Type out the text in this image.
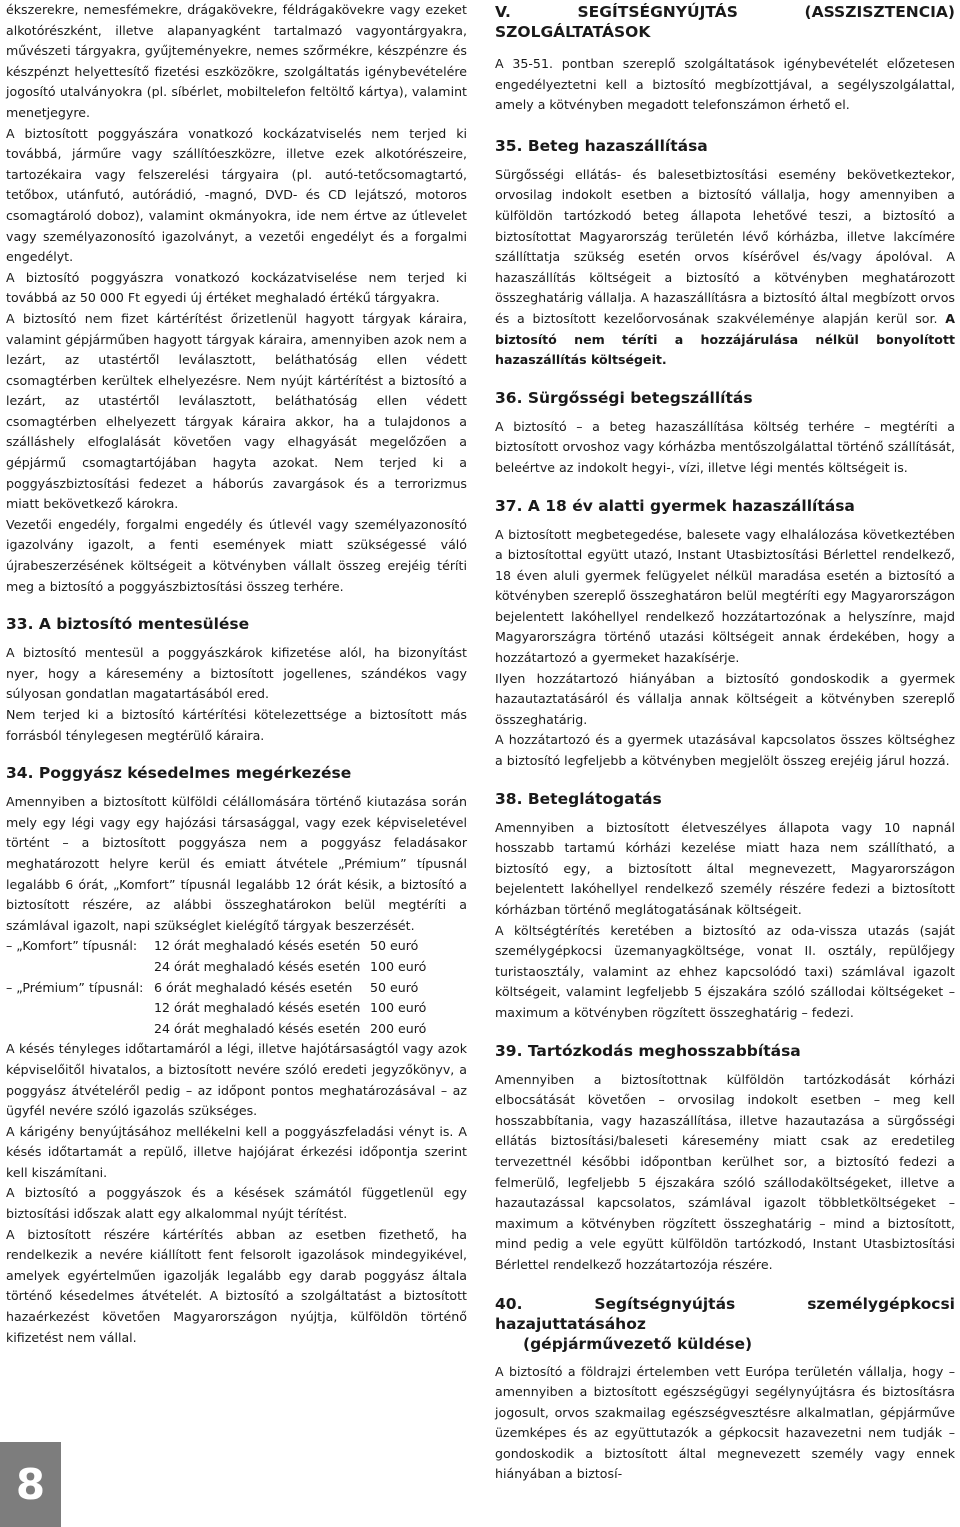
ékszerekre, nemesfémekre, drágakövekre, féldrágakövekre vagy ezeket alkotórészként, illetve alapanyagként tartalmazó vagyontárgyakra, művészeti tárgyakra, gyűjteményekre, nemes szőrmékre, készpénzre és készpénzt helyettesítő fizetési eszközökre, szolgáltatás igénybevételére jogosító utalványokra (pl. síbérlet, mobiltelefon feltöltő kártya), valamint menetjegyre.

A biztosított poggyászára vonatkozó kockázatviselés nem terjed ki továbbá, járműre vagy szállítóeszközre, illetve ezek alkotórészeire, tartozékaira vagy felszerelési tárgyaira (pl. autó-tetőcsomagtartó, tetőbox, utánfutó, autórádió, -magnó, DVD- és CD lejátszó, motoros csomagtároló doboz), valamint okmányokra, ide nem értve az útlevelet vagy személyazonosító igazolványt, a vezetői engedélyt és a forgalmi engedélyt.

A biztosító poggyászra vonatkozó kockázatviselése nem terjed ki továbbá az 50 000 Ft egyedi új értéket meghaladó értékű tárgyakra.

A biztosító nem fizet kártérítést őrizetlenül hagyott tárgyak káraira, valamint gépjárműben hagyott tárgyak káraira, amennyiben azok nem a lezárt, az utastértől leválasztott, beláthatóság ellen védett csomagtérben kerültek elhelyezésre. Nem nyújt kártérítést a biztosító a lezárt, az utastértől leválasztott, beláthatóság ellen védett csomagtérben elhelyezett tárgyak káraira akkor, ha a tulajdonos a szálláshely elfoglalását követően vagy elhagyását megelőzően a gépjármű csomagtartójában hagyta azokat. Nem terjed ki a poggyászbiztosítási fedezet a háborús zavargások és a terrorizmus miatt bekövetkező károkra.

Vezetői engedély, forgalmi engedély és útlevél vagy személyazonosító igazolvány igazolt, a fenti események miatt szükségessé váló újrabeszerzésének költségeit a kötvényben vállalt összeg erejéig téríti meg a biztosító a poggyászbiztosítási összeg terhére.

33. A biztosító mentesülése

A biztosító mentesül a poggyászkárok kifizetése alól, ha bizonyítást nyer, hogy a káresemény a biztosított jogellenes, szándékos vagy súlyosan gondatlan magatartásából ered.

Nem terjed ki a biztosító kártérítési kötelezettsége a biztosított más forrásból ténylegesen megtérülő káraira.

34. Poggyász késedelmes megérkezése

Amennyiben a biztosított külföldi célállomására történő kiutazása során mely egy légi vagy egy hajózási társasággal, vagy ezek képviseletével történt – a biztosított poggyásza nem a poggyász feladásakor meghatározott helyre kerül és emiatt átvétele „Prémium” típusnál legalább 6 órát, „Komfort” típusnál legalább 12 órát késik, a biztosító a biztosított részére, az alábbi összeghatárokon belül megtéríti a számlával igazolt, napi szükséglet kielégítő tárgyak beszerzését.

– „Komfort” típusnál:	12 órát meghaladó késés esetén 50 euró
24 órát meghaladó késés esetén 100 euró
– „Prémium” típusnál: 6 órát meghaladó késés esetén	50 euró
12 órát meghaladó késés esetén 100 euró
24 órát meghaladó késés esetén 200 euró

A késés tényleges időtartamáról a légi, illetve hajótársaságtól vagy azok képviselőitől hivatalos, a biztosított nevére szóló eredeti jegyzőkönyv, a poggyász átvételéről pedig – az időpont pontos meghatározásával – az ügyfél nevére szóló igazolás szükséges.

A kárigény benyújtásához mellékelni kell a poggyászfeladási vényt is. A késés időtartamát a repülő, illetve hajójárat érkezési időpontja szerint kell kiszámítani.

A biztosító a poggyászok és a késések számától függetlenül egy biztosítási időszak alatt egy alkalommal nyújt térítést.

A biztosított részére kártérítés abban az esetben fizethető, ha rendelkezik a nevére kiállított fent felsorolt igazolások mindegyikével, amelyek egyértelműen igazolják legalább egy darab poggyász általa történő késedelmes átvételét. A biztosító a szolgáltatást a biztosított hazaérkezést követően Magyarországon nyújtja, külföldön történő kifizetést nem vállal.

V. SEGÍTSÉGNYÚJTÁS (ASSZISZTENCIA) SZOLGÁLTATÁSOK

A 35-51. pontban szereplő szolgáltatások igénybevételét előzetesen engedélyeztetni kell a biztosító megbízottjával, a segélyszolgálattal, amely a kötvényben megadott telefonszámon érhető el.

35. Beteg hazaszállítása

Sürgősségi ellátás- és balesetbiztosítási esemény bekövetkeztekor, orvosilag indokolt esetben a biztosító vállalja, hogy amennyiben a külföldön tartózkodó beteg állapota lehetővé teszi, a biztosító a biztosítottat Magyarország területén lévő kórházba, illetve lakcímére szállíttatja szükség esetén orvos kísérővel és/vagy ápolóval. A hazaszállítás költségeit a biztosító a kötvényben meghatározott összeghatárig vállalja. A hazaszállításra a biztosító által megbízott orvos és a biztosított kezelőorvosának szakvéleménye alapján kerül sor. A biztosító nem téríti a hozzájárulása nélkül bonyolított hazaszállítás költségeit.

36. Sürgősségi betegszállítás

A biztosító – a beteg hazaszállítása költség terhére – megtéríti a biztosított orvoshoz vagy kórházba mentőszolgálattal történő szállítását, beleértve az indokolt hegyi-, vízi, illetve légi mentés költségeit is.

37. A 18 év alatti gyermek hazaszállítása

A biztosított megbetegedése, balesete vagy elhalálozása következtében a biztosítottal együtt utazó, Instant Utasbiztosítási Bérlettel rendelkező, 18 éven aluli gyermek felügyelet nélkül maradása esetén a biztosító a kötvényben szereplő összeghatáron belül megtéríti egy Magyarországon bejelentett lakóhellyel rendelkező hozzátartozónak a helyszínre, majd Magyarországra történő utazási költségeit annak érdekében, hogy a hozzátartozó a gyermeket hazakísérje.

Ilyen hozzátartozó hiányában a biztosító gondoskodik a gyermek hazautaztatásáról és vállalja annak költségeit a kötvényben szereplő összeghatárig.

A hozzátartozó és a gyermek utazásával kapcsolatos összes költséghez a biztosító legfeljebb a kötvényben megjelölt összeg erejéig járul hozzá.

38. Beteglátogatás

Amennyiben a biztosított életveszélyes állapota vagy 10 napnál hosszabb tartamú kórházi kezelése miatt haza nem szállítható, a biztosító egy, a biztosított által megnevezett, Magyarországon bejelentett lakóhellyel rendelkező személy részére fedezi a biztosított kórházban történő meglátogatásának költségeit.

A költségtérítés keretében a biztosító az oda-vissza utazás (saját személygépkocsi üzemanyagköltsége, vonat II. osztály, repülőjegy turistaosztály, valamint az ehhez kapcsolódó taxi) számlával igazolt költségeit, valamint legfeljebb 5 éjszakára szóló szállodai költségeket – maximum a kötvényben rögzített összeghatárig – fedezi.

39. Tartózkodás meghosszabbítása

Amennyiben a biztosítottnak külföldön tartózkodását kórházi elbocsátását követően – orvosilag indokolt esetben – meg kell hosszabbítania, vagy hazaszállítása, illetve hazautazása a sürgősségi ellátás biztosítási/baleseti káresemény miatt csak az eredetileg tervezettnél későbbi időpontban kerülhet sor, a biztosító fedezi a felmerülő, legfeljebb 5 éjszakára szóló szállodaköltségeket, illetve a hazautazással kapcsolatos, számlával igazolt többletköltségeket – maximum a kötvényben rögzített összeghatárig – mind a biztosított, mind pedig a vele együtt külföldön tartózkodó, Instant Utasbiztosítási Bérlettel rendelkező hozzátartozója részére.

40. Segítségnyújtás személygépkocsi hazajuttatásához
(gépjárművezető küldése)

A biztosító a földrajzi értelemben vett Európa területén vállalja, hogy – amennyiben a biztosított egészségügyi segélynyújtásra és biztosításra jogosult, orvos szakmailag egészségvesztésre alkalmatlan, gépjárműve üzemképes és az együttutazók a gépkocsit hazavezetni nem tudják – gondoskodik a biztosított által megnevezett személy vagy ennek hiányában a biztosí-

8
